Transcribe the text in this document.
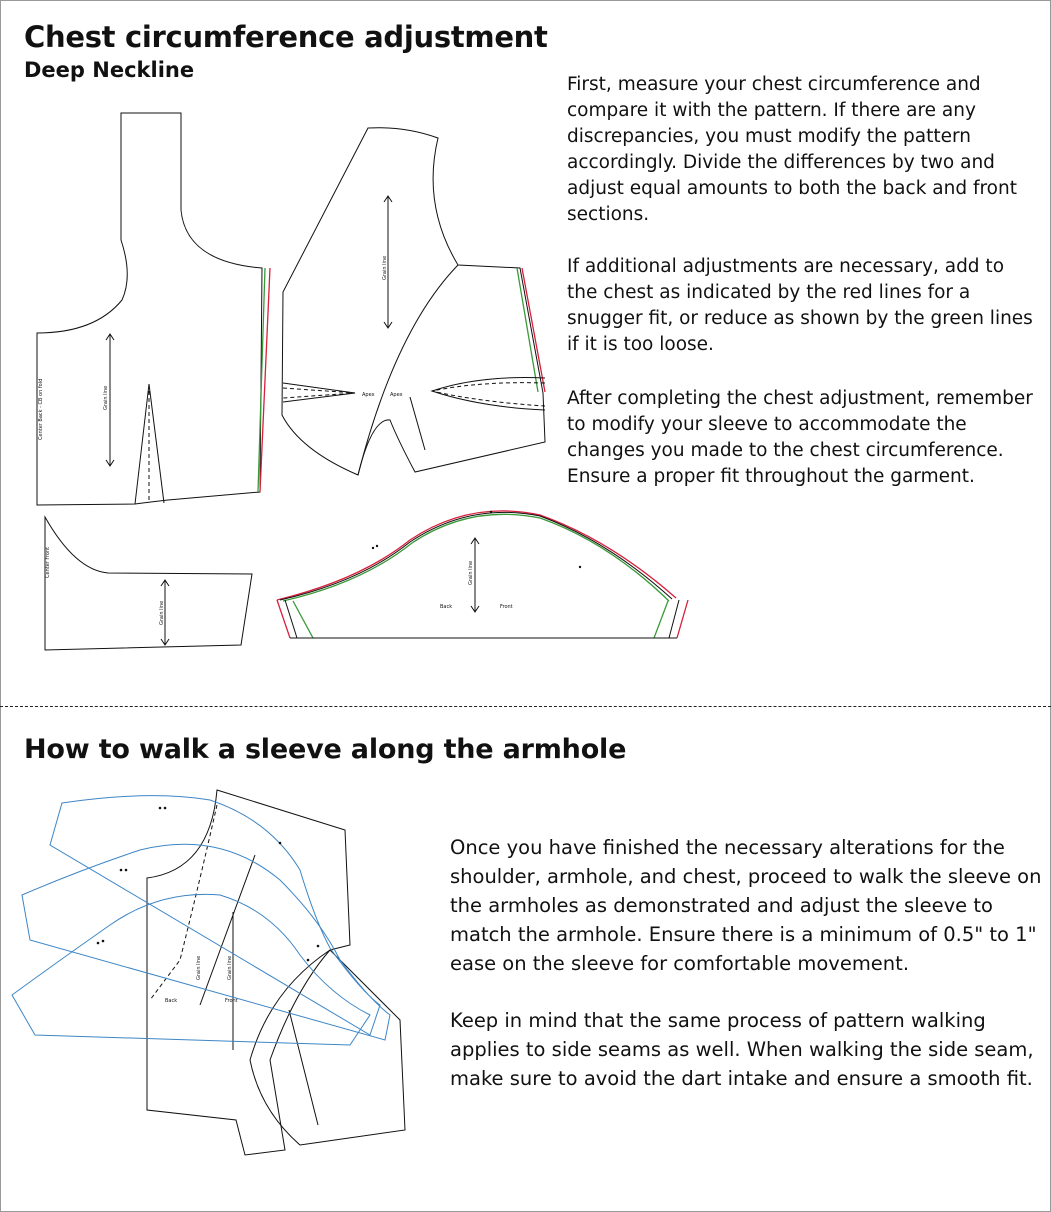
Chest circumference adjustment
Deep Neckline

First, measure your chest circumference and compare it with the pattern. If there are any discrepancies, you must modify the pattern accordingly. Divide the differences by two and adjust equal amounts to both the back and front sections.

If additional adjustments are necessary, add to the chest as indicated by the red lines for a snugger fit, or reduce as shown by the green lines if it is too loose.

After completing the chest adjustment, remember to modify your sleeve to accommodate the changes you made to the chest circumference. Ensure a proper fit throughout the garment.

Grain line
Center Back - CB on fold
Grain line
Apex	Apex
Center Front
Grain line
Grain line
Back	Front
How to walk a sleeve along the armhole
Back	Front
Grain line	Grain line

Once you have finished the necessary alterations for the shoulder, armhole, and chest, proceed to walk the sleeve on the armholes as demonstrated and adjust the sleeve to match the armhole. Ensure there is a minimum of 0.5" to 1" ease on the sleeve for comfortable movement.

Keep in mind that the same process of pattern walking applies to side seams as well. When walking the side seam, make sure to avoid the dart intake and ensure a smooth fit.
